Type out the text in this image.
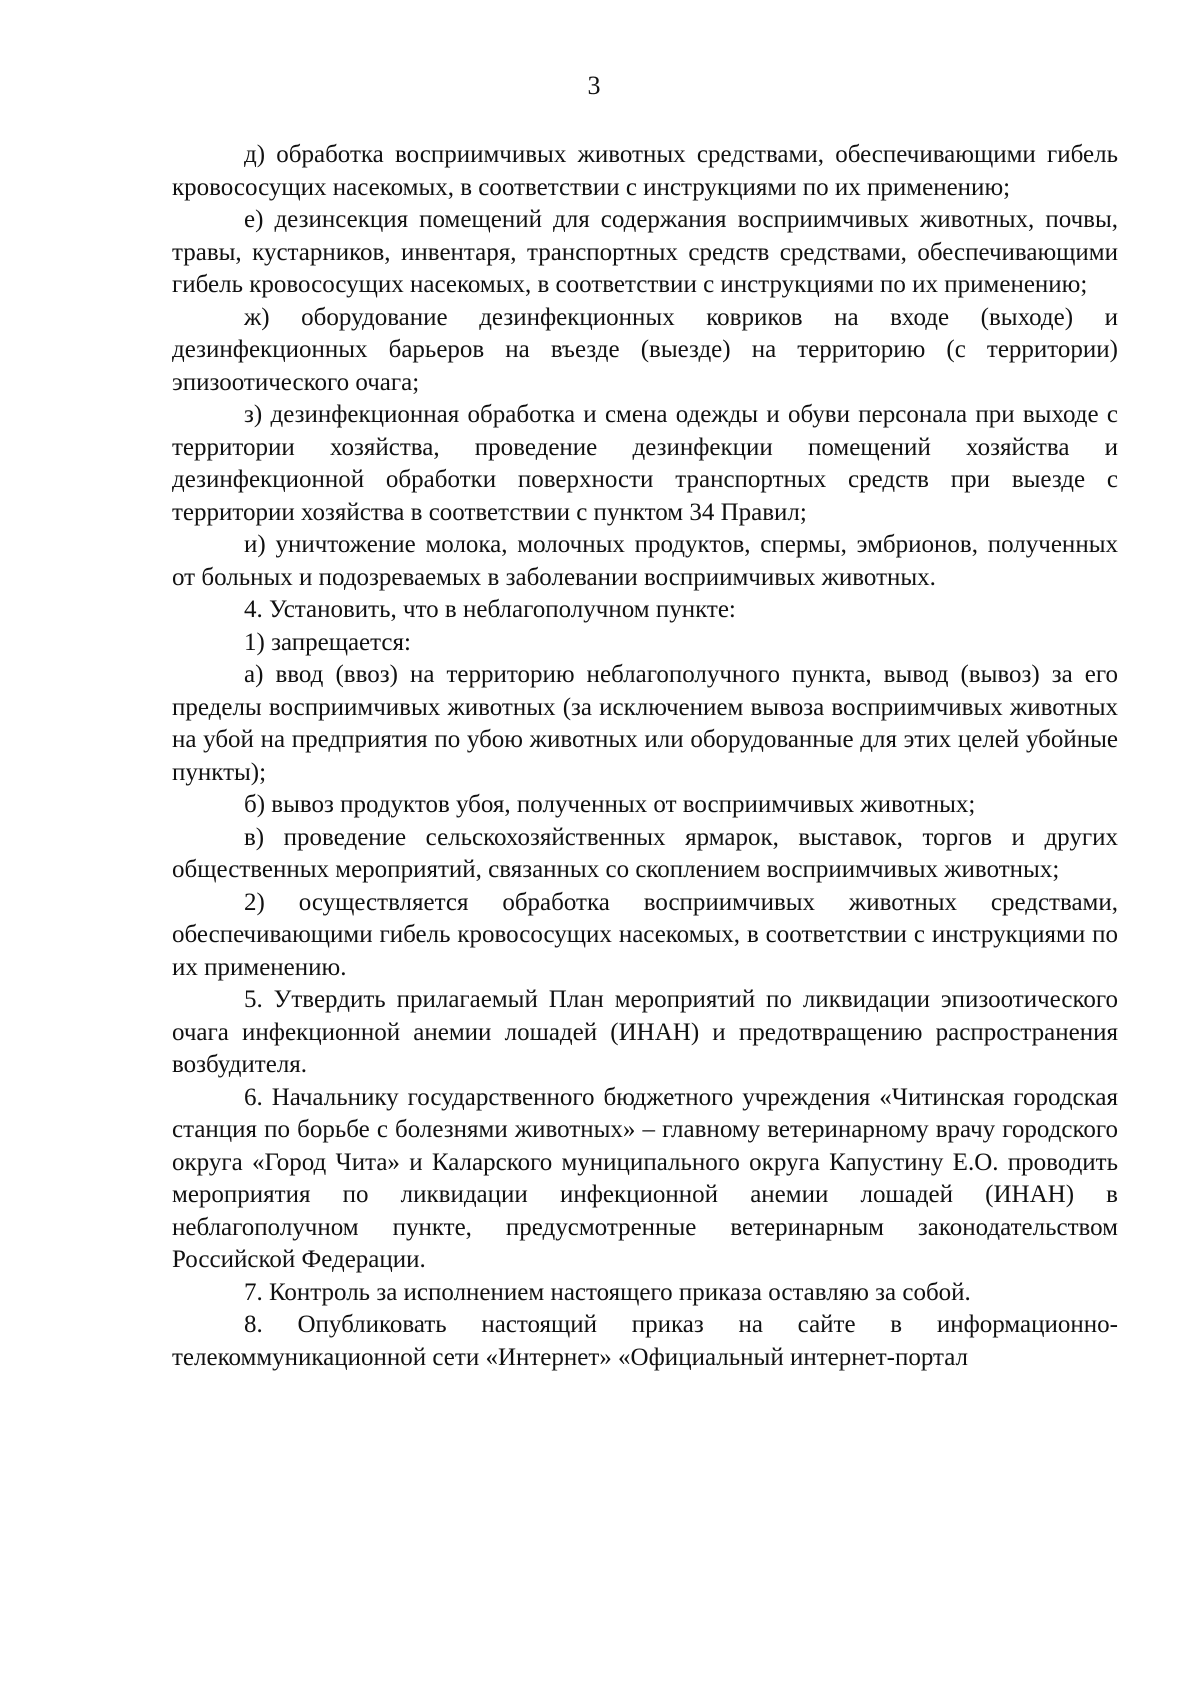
3

д) обработка восприимчивых животных средствами, обеспечивающими гибель кровососущих насекомых, в соответствии с инструкциями по их применению;

е) дезинсекция помещений для содержания восприимчивых животных, почвы, травы, кустарников, инвентаря, транспортных средств средствами, обеспечивающими гибель кровососущих насекомых, в соответствии с инструкциями по их применению;

ж) оборудование дезинфекционных ковриков на входе (выходе) и дезинфекционных барьеров на въезде (выезде) на территорию (с территории) эпизоотического очага;

з) дезинфекционная обработка и смена одежды и обуви персонала при выходе с территории хозяйства, проведение дезинфекции помещений хозяйства и дезинфекционной обработки поверхности транспортных средств при выезде с территории хозяйства в соответствии с пунктом 34 Правил;

и) уничтожение молока, молочных продуктов, спермы, эмбрионов, полученных от больных и подозреваемых в заболевании восприимчивых животных.

4. Установить, что в неблагополучном пункте:

1) запрещается:

а) ввод (ввоз) на территорию неблагополучного пункта, вывод (вывоз) за его пределы восприимчивых животных (за исключением вывоза восприимчивых животных на убой на предприятия по убою животных или оборудованные для этих целей убойные пункты);

б) вывоз продуктов убоя, полученных от восприимчивых животных;

в) проведение сельскохозяйственных ярмарок, выставок, торгов и других общественных мероприятий, связанных со скоплением восприимчивых животных;

2) осуществляется обработка восприимчивых животных средствами, обеспечивающими гибель кровососущих насекомых, в соответствии с инструкциями по их применению.

5. Утвердить прилагаемый План мероприятий по ликвидации эпизоотического очага инфекционной анемии лошадей (ИНАН) и предотвращению распространения возбудителя.

6. Начальнику государственного бюджетного учреждения «Читинская городская станция по борьбе с болезнями животных» – главному ветеринарному врачу городского округа «Город Чита» и Каларского муниципального округа Капустину Е.О. проводить мероприятия по ликвидации инфекционной анемии лошадей (ИНАН) в неблагополучном пункте, предусмотренные ветеринарным законодательством Российской Федерации.

7. Контроль за исполнением настоящего приказа оставляю за собой.

8. Опубликовать настоящий приказ на сайте в информационно-телекоммуникационной сети «Интернет» «Официальный интернет-портал
